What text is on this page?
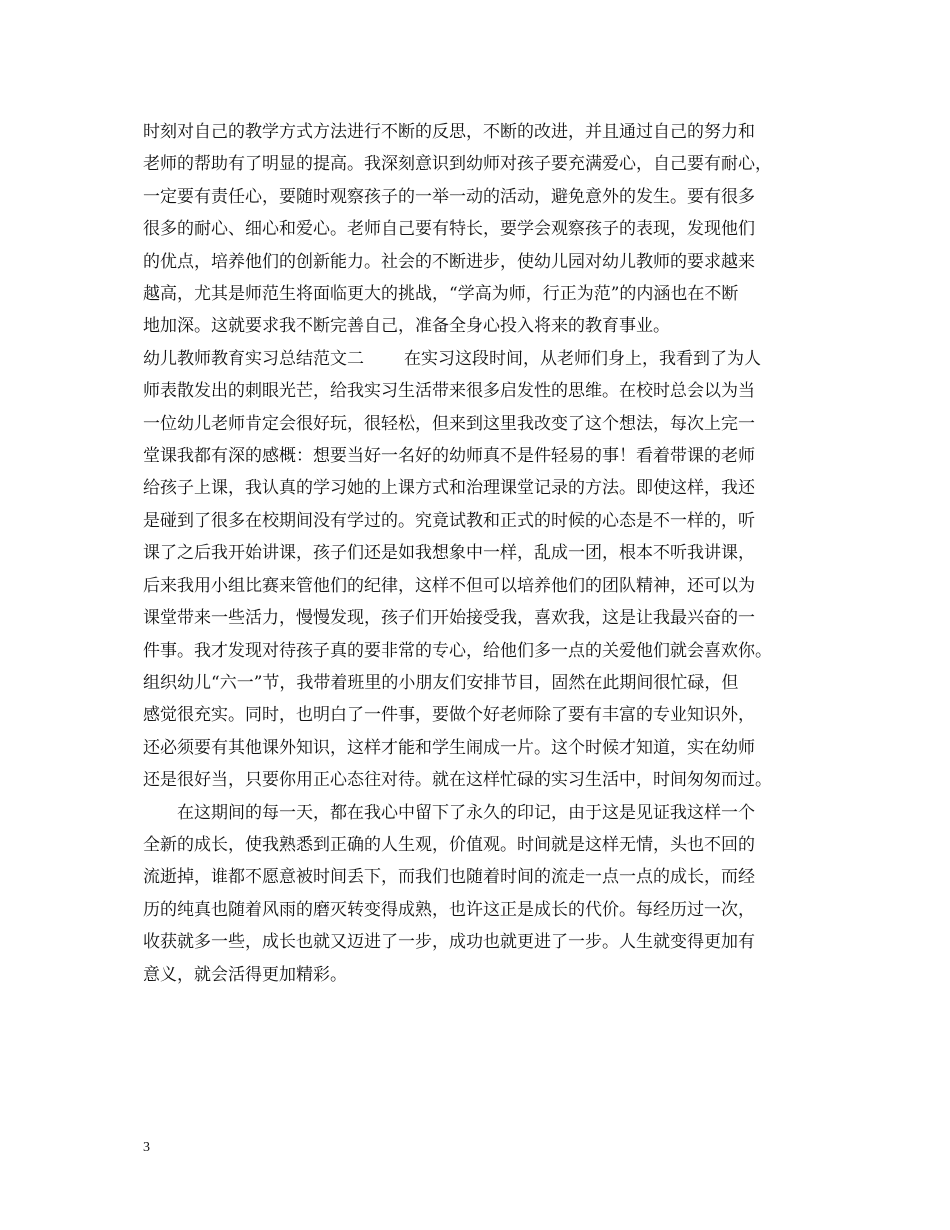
时刻对自己的教学方式方法进行不断的反思，不断的改进，并且通过自己的努力和
老师的帮助有了明显的提高。我深刻意识到幼师对孩子要充满爱心，自己要有耐心，
一定要有责任心，要随时观察孩子的一举一动的活动，避免意外的发生。要有很多
很多的耐心、细心和爱心。老师自己要有特长，要学会观察孩子的表现，发现他们
的优点，培养他们的创新能力。社会的不断进步，使幼儿园对幼儿教师的要求越来
越高，尤其是师范生将面临更大的挑战，“学高为师，行正为范”的内涵也在不断
地加深。这就要求我不断完善自己，准备全身心投入将来的教育事业。
幼儿教师教育实习总结范文二 在实习这段时间，从老师们身上，我看到了为人
师表散发出的刺眼光芒，给我实习生活带来很多启发性的思维。在校时总会以为当
一位幼儿老师肯定会很好玩，很轻松，但来到这里我改变了这个想法，每次上完一
堂课我都有深的感概：想要当好一名好的幼师真不是件轻易的事！看着带课的老师
给孩子上课，我认真的学习她的上课方式和治理课堂记录的方法。即使这样，我还
是碰到了很多在校期间没有学过的。究竟试教和正式的时候的心态是不一样的，听
课了之后我开始讲课，孩子们还是如我想象中一样，乱成一团，根本不听我讲课，
后来我用小组比赛来管他们的纪律，这样不但可以培养他们的团队精神，还可以为
课堂带来一些活力，慢慢发现，孩子们开始接受我，喜欢我，这是让我最兴奋的一
件事。我才发现对待孩子真的要非常的专心，给他们多一点的关爱他们就会喜欢你。
组织幼儿“六一”节，我带着班里的小朋友们安排节目，固然在此期间很忙碌，但
感觉很充实。同时，也明白了一件事，要做个好老师除了要有丰富的专业知识外，
还必须要有其他课外知识，这样才能和学生闹成一片。这个时候才知道，实在幼师
还是很好当，只要你用正心态往对待。就在这样忙碌的实习生活中，时间匆匆而过。
在这期间的每一天，都在我心中留下了永久的印记，由于这是见证我这样一个
全新的成长，使我熟悉到正确的人生观，价值观。时间就是这样无情，头也不回的
流逝掉，谁都不愿意被时间丢下，而我们也随着时间的流走一点一点的成长，而经
历的纯真也随着风雨的磨灭转变得成熟，也许这正是成长的代价。每经历过一次，
收获就多一些，成长也就又迈进了一步，成功也就更进了一步。人生就变得更加有
意义，就会活得更加精彩。
3
